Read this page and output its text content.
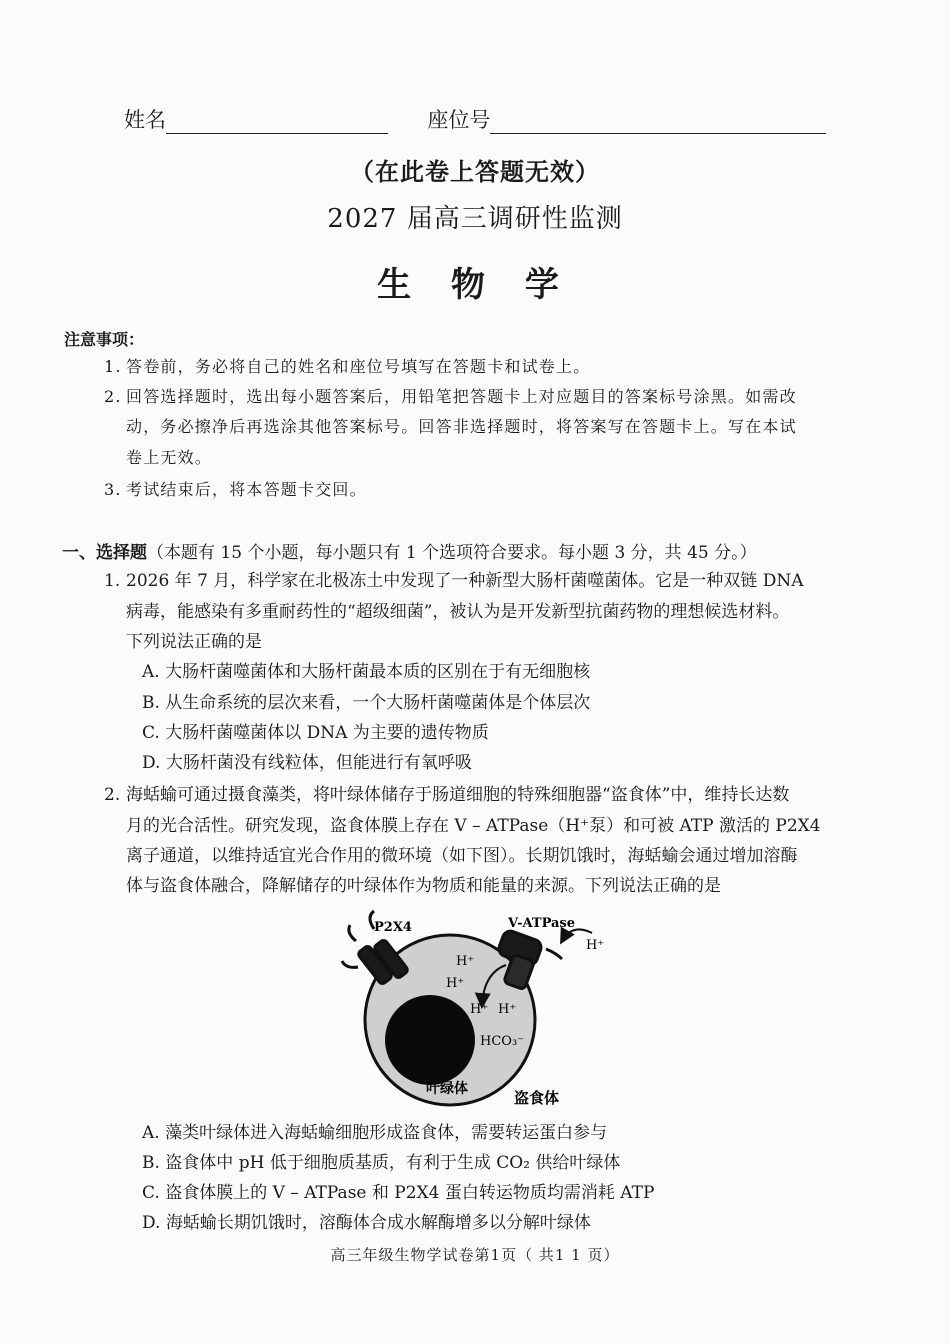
姓名	座位号
（在此卷上答题无效）
2027 届高三调研性监测
生 物 学
注意事项：
1. 答卷前，务必将自己的姓名和座位号填写在答题卡和试卷上。
2. 回答选择题时，选出每小题答案后，用铅笔把答题卡上对应题目的答案标号涂黑。如需改
动，务必擦净后再选涂其他答案标号。回答非选择题时，将答案写在答题卡上。写在本试
卷上无效。
3. 考试结束后，将本答题卡交回。
一、选择题（本题有 15 个小题，每小题只有 1 个选项符合要求。每小题 3 分，共 45 分。）
1. 2026 年 7 月，科学家在北极冻土中发现了一种新型大肠杆菌噬菌体。它是一种双链 DNA
病毒，能感染有多重耐药性的“超级细菌”，被认为是开发新型抗菌药物的理想候选材料。
下列说法正确的是
A. 大肠杆菌噬菌体和大肠杆菌最本质的区别在于有无细胞核
B. 从生命系统的层次来看，一个大肠杆菌噬菌体是个体层次
C. 大肠杆菌噬菌体以 DNA 为主要的遗传物质
D. 大肠杆菌没有线粒体，但能进行有氧呼吸
2. 海蛞蝓可通过摄食藻类，将叶绿体储存于肠道细胞的特殊细胞器“盗食体”中，维持长达数
月的光合活性。研究发现，盗食体膜上存在 V – ATPase（H⁺泵）和可被 ATP 激活的 P2X4
离子通道，以维持适宜光合作用的微环境（如下图）。长期饥饿时，海蛞蝓会通过增加溶酶
体与盗食体融合，降解储存的叶绿体作为物质和能量的来源。下列说法正确的是
P2X4	V-ATPase
H⁺
H⁺
H⁺
H⁺ H⁺
HCO₃⁻
叶绿体	盗食体
A. 藻类叶绿体进入海蛞蝓细胞形成盗食体，需要转运蛋白参与
B. 盗食体中 pH 低于细胞质基质，有利于生成 CO₂ 供给叶绿体
C. 盗食体膜上的 V – ATPase 和 P2X4 蛋白转运物质均需消耗 ATP
D. 海蛞蝓长期饥饿时，溶酶体合成水解酶增多以分解叶绿体
高三年级生物学试卷第1页（ 共1 1 页）
